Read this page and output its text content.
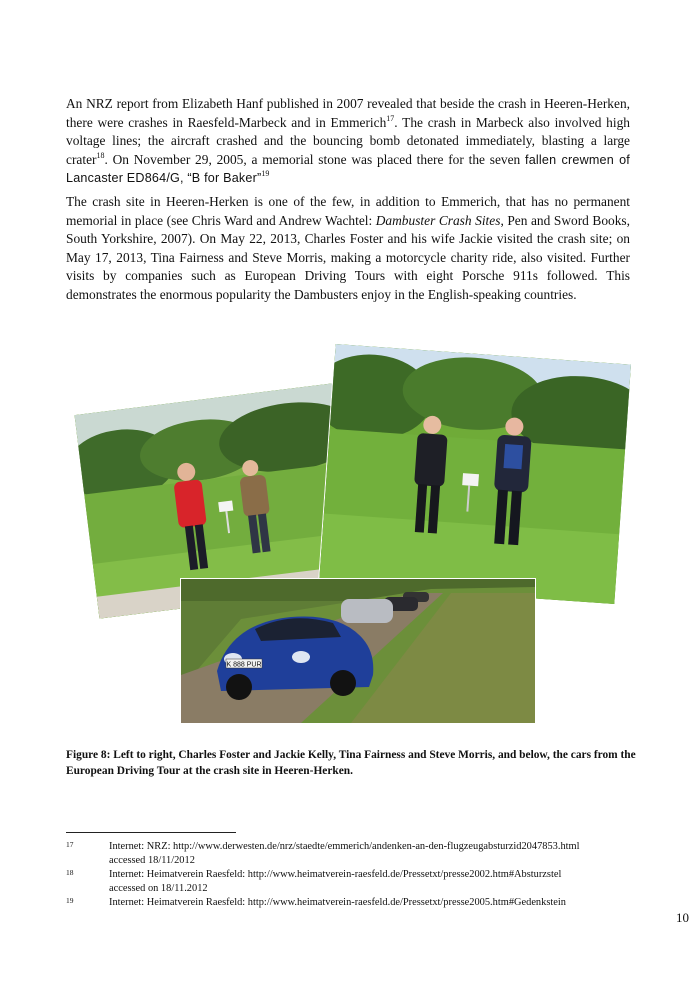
An NRZ report from Elizabeth Hanf published in 2007 revealed that beside the crash in Heeren-Herken, there were crashes in Raesfeld-Marbeck and in Emmerich$^{17}$. The crash in Marbeck also involved high voltage lines; the aircraft crashed and the bouncing bomb detonated immediately, blasting a large crater$^{18}$. On November 29, 2005, a memorial stone was placed there for the seven fallen crewmen of Lancaster ED864/G, “B for Baker”$^{19}$

The crash site in Heeren-Herken is one of the few, in addition to Emmerich, that has no permanent memorial in place (see Chris Ward and Andrew Wachtel: Dambuster Crash Sites, Pen and Sword Books, South Yorkshire, 2007). On May 22, 2013, Charles Foster and his wife Jackie visited the crash site; on May 17, 2013, Tina Fairness and Steve Morris, making a motorcycle charity ride, also visited. Further visits by companies such as European Driving Tours with eight Porsche 911s followed. This demonstrates the enormous popularity the Dambusters enjoy in the English-speaking countries.

K 888 PUR

Figure 8: Left to right, Charles Foster and Jackie Kelly, Tina Fairness and Steve Morris, and below, the cars from the European Driving Tour at the crash site in Heeren-Herken.

17	Internet: NRZ: http://www.derwesten.de/nrz/staedte/emmerich/andenken-an-den-flugzeugabsturzid2047853.html
accessed 18/11/2012
18	Internet: Heimatverein Raesfeld: http://www.heimatverein-raesfeld.de/Pressetxt/presse2002.htm#Absturzstel
accessed on 18/11.2012
19	Internet: Heimatverein Raesfeld: http://www.heimatverein-raesfeld.de/Pressetxt/presse2005.htm#Gedenkstein
10
